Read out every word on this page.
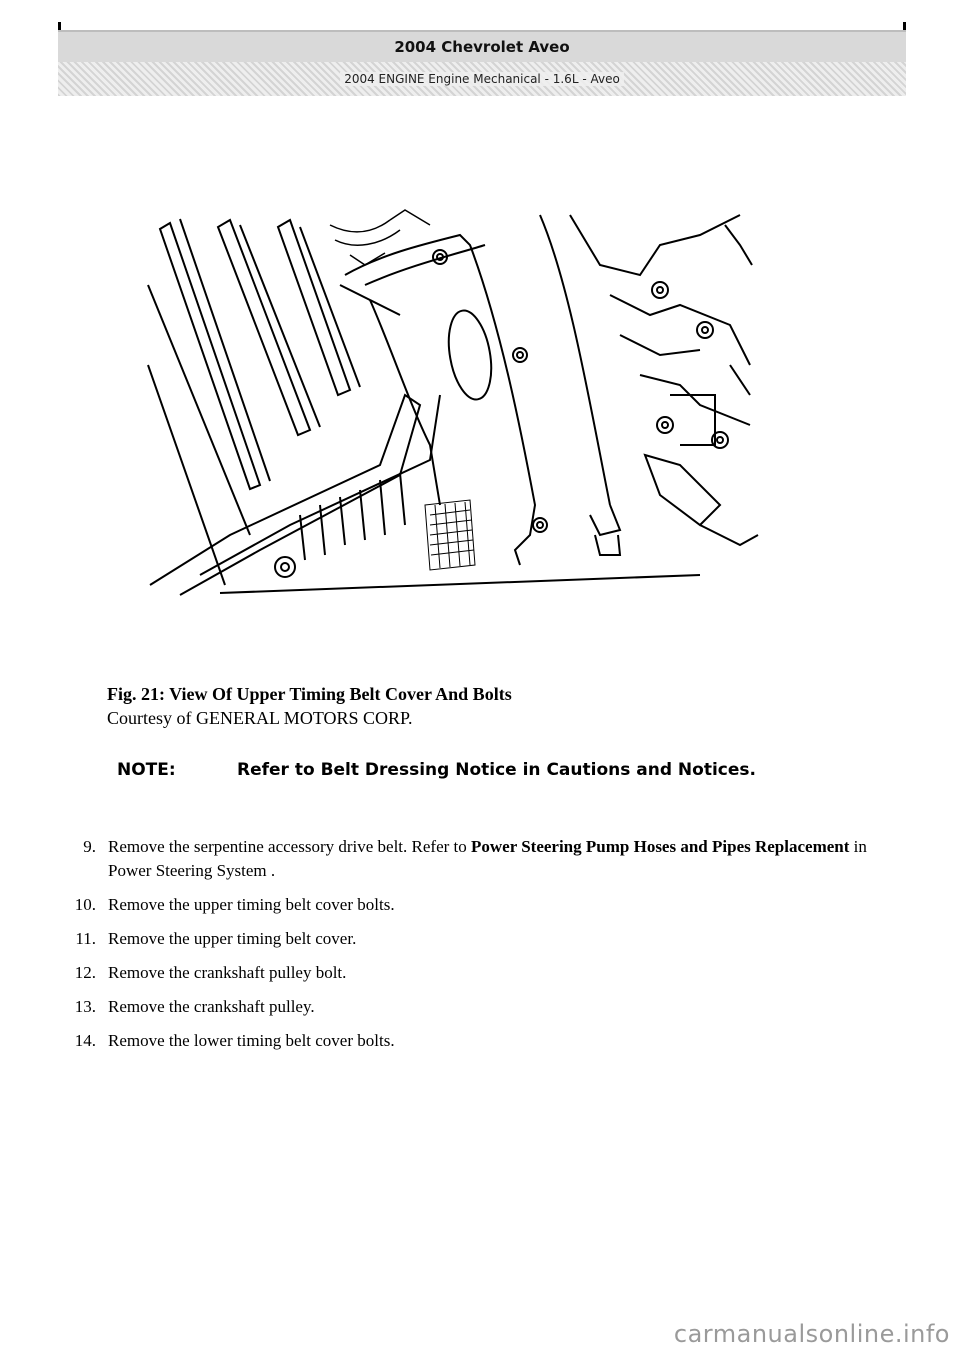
2004 Chevrolet Aveo
2004 ENGINE Engine Mechanical - 1.6L - Aveo
Fig. 21: View Of Upper Timing Belt Cover And Bolts
Courtesy of GENERAL MOTORS CORP.
NOTE:	Refer to Belt Dressing Notice in Cautions and Notices.
9. Remove the serpentine accessory drive belt. Refer to Power Steering Pump Hoses and Pipes Replacement in Power Steering System .
10. Remove the upper timing belt cover bolts.
11. Remove the upper timing belt cover.
12. Remove the crankshaft pulley bolt.
13. Remove the crankshaft pulley.
14. Remove the lower timing belt cover bolts.
carmanualsonline.info
